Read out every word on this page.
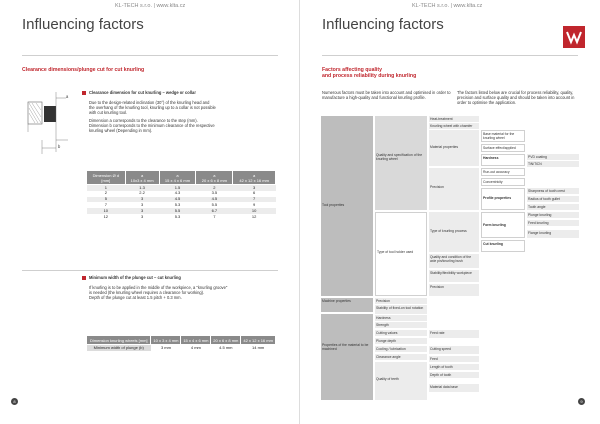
KL-TECH s.r.o. | www.klta.cz
Influencing factors
Clearance dimensions/plunge cut for cut knurling
a
b
Clearance dimension for cut knurling – wedge or collar
Due to the design-related inclination (30°) of the knurling head and
the overhang of the knurling tool, knurling up to a collar is not possible
with cut knurling tool.
Dimension a corresponds to the clearance to the step (mm).
Dimension b corresponds to the minimum clearance of the respective
knurling wheel (Depending in mm).
Dimension Ø d
[mm]	a
10x3 x 4 mm	a
15 x 4 x 6 mm	a
20 x 6 x 8 mm	a
42 x 12 x 16 mm
1	1.3	1.5	2	3
2	2.2	4.3	3.5	6
5	3	4.5	4.5	7
7	3	5.3	5.5	9
10	3	5.5	6.7	10
12	3	5.3	7	12
Minimum width of the plunge cut – cut knurling
If knurling is to be applied in the middle of the workpiece, a "knurling groove"
is needed (the knurling wheel requires a clearance for working).
Depth of the plunge cut at least 1.5 pitch + 0.3 mm.
Dimension knurling wheels [mm]	10 x 3 x 4 mm	15 x 4 x 6 mm	20 x 6 x 8 mm	42 x 12 x 16 mm
Minimum width of plunge (b)	3 mm	4 mm	4.5 mm	14 mm
8
KL-TECH s.r.o. | www.klta.cz
Influencing factors
Factors affecting quality
and process reliability during knurling
Numerous factors must be taken into account and optimised in order to
manufacture a high-quality and functional knurling profile.
The factors listed below are crucial for process reliability, quality,
precision and surface quality and should be taken into account in
order to optimise the application.
9
Tool properties
Machine properties
Properties of the material to be machined
Quality and specification of the knurling wheel
Type of tool holder used
Precision
Stability of fixed-on tool rotation
Hardness
Strength
Cutting values
Plunge depth
Cooling / lubrication
Clearance angle
Quality of teeth
Heat-treatment
Knurling wheel with chamfer
Material properties
Precision
Type of knurling process
Quality and condition of the axle pin/knurling bush
Stability/flexibility workpiece
Precision
Feed rate
Cutting speed
Feed
Length of tooth
Depth of tooth
Material data base
Base material for the knurling wheel
Surface effect/applied
Hardness
Run-out accuracy
Concentricity
Profile properties
Form knurling
Cut knurling
PVD coating
TiN/TiCN
Sharpness of tooth crest
Radius of tooth gullet
Tooth angle
Plunge knurling
Feed knurling
Flange knurling
